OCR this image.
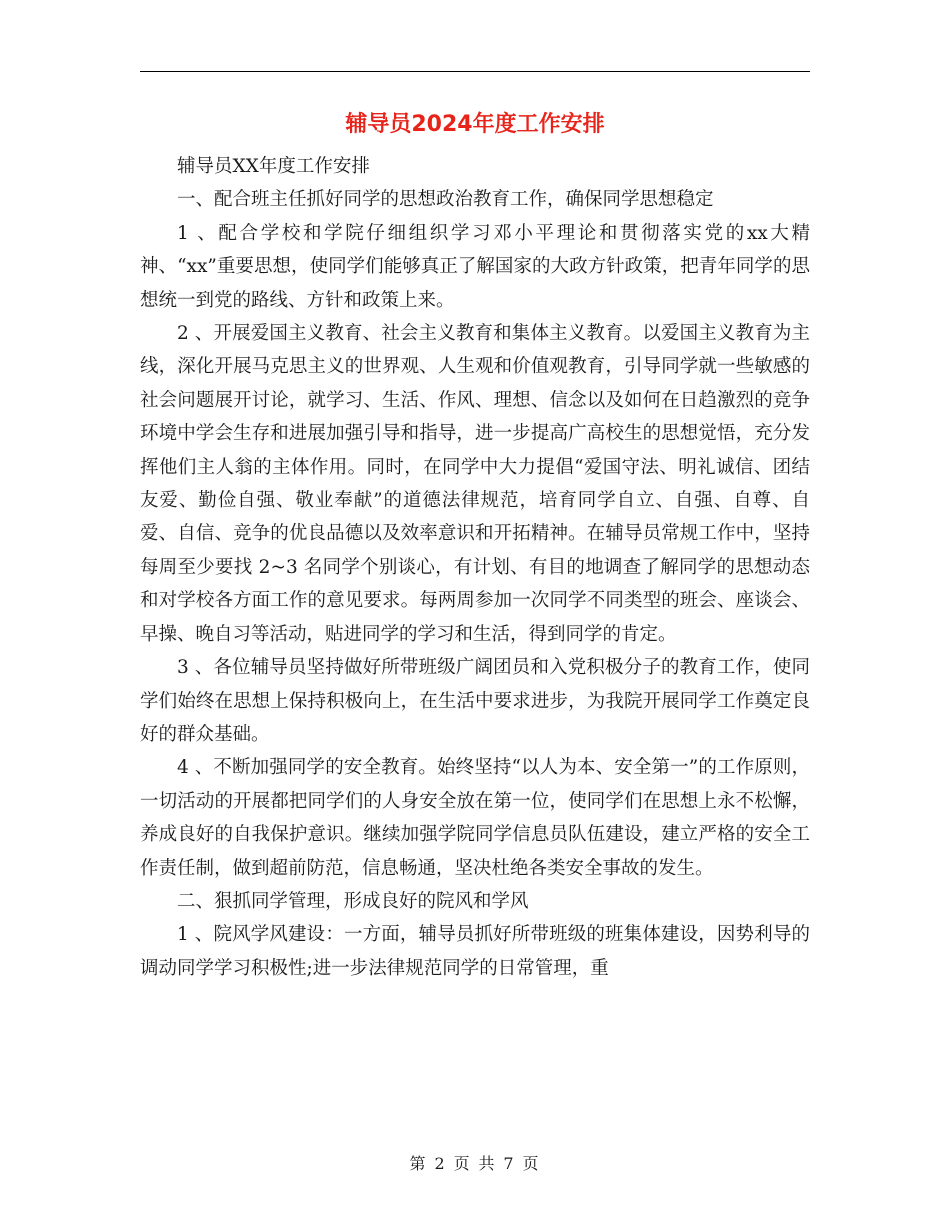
辅导员2024年度工作安排

辅导员XX年度工作安排

一、配合班主任抓好同学的思想政治教育工作，确保同学思想稳定

1 、配合学校和学院仔细组织学习邓小平理论和贯彻落实党的xx大精神、“xx”重要思想，使同学们能够真正了解国家的大政方针政策，把青年同学的思想统一到党的路线、方针和政策上来。

2 、开展爱国主义教育、社会主义教育和集体主义教育。以爱国主义教育为主线，深化开展马克思主义的世界观、人生观和价值观教育，引导同学就一些敏感的社会问题展开讨论，就学习、生活、作风、理想、信念以及如何在日趋激烈的竞争环境中学会生存和进展加强引导和指导，进一步提高广高校生的思想觉悟，充分发挥他们主人翁的主体作用。同时，在同学中大力提倡“爱国守法、明礼诚信、团结友爱、勤俭自强、敬业奉献”的道德法律规范，培育同学自立、自强、自尊、自爱、自信、竞争的优良品德以及效率意识和开拓精神。在辅导员常规工作中，坚持 每周至少要找 2~3 名同学个别谈心，有计划、有目的地调查了解同学的思想动态和对学校各方面工作的意见要求。每两周参加一次同学不同类型的班会、座谈会、早操、晚自习等活动，贴进同学的学习和生活，得到同学的肯定。

3 、各位辅导员坚持做好所带班级广阔团员和入党积极分子的教育工作，使同学们始终在思想上保持积极向上，在生活中要求进步，为我院开展同学工作奠定良好的群众基础。

4 、不断加强同学的安全教育。始终坚持“以人为本、安全第一”的工作原则，一切活动的开展都把同学们的人身安全放在第一位，使同学们在思想上永不松懈，养成良好的自我保护意识。继续加强学院同学信息员队伍建设，建立严格的安全工作责任制，做到超前防范，信息畅通，坚决杜绝各类安全事故的发生。

二、狠抓同学管理，形成良好的院风和学风

1 、院风学风建设：一方面，辅导员抓好所带班级的班集体建设，因势利导的调动同学学习积极性;进一步法律规范同学的日常管理，重

第 2 页 共 7 页
